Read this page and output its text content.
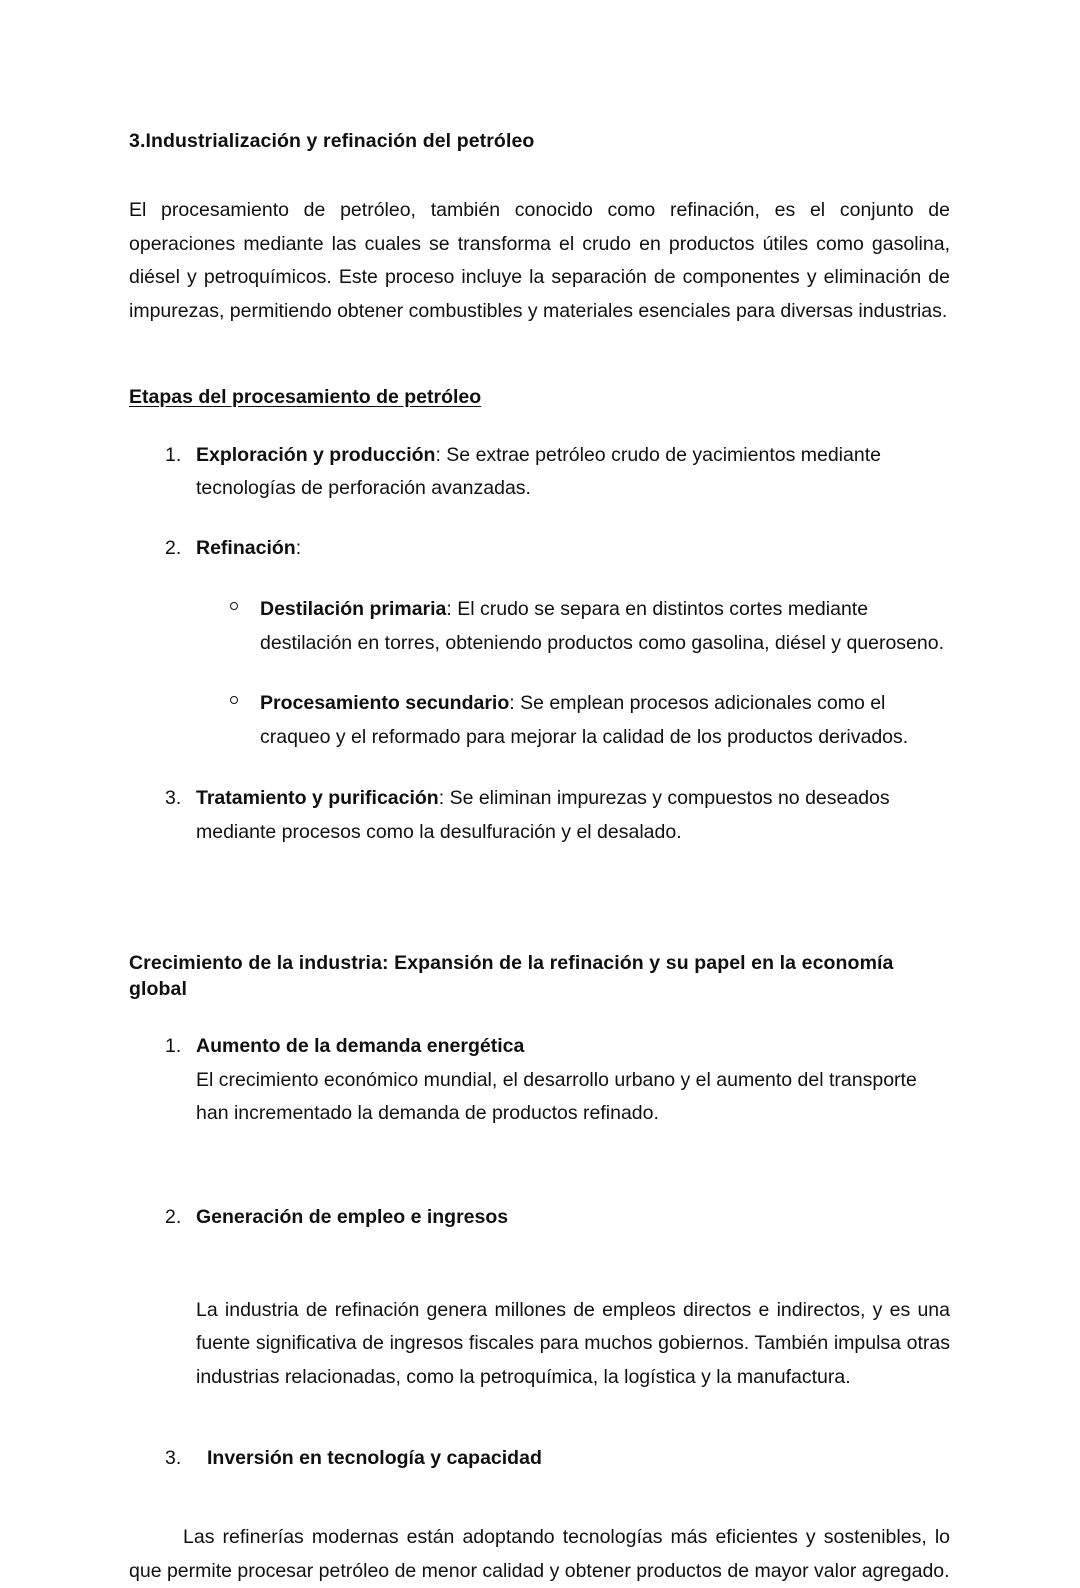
3.Industrialización y refinación del petróleo

El procesamiento de petróleo, también conocido como refinación, es el conjunto de operaciones mediante las cuales se transforma el crudo en productos útiles como gasolina, diésel y petroquímicos. Este proceso incluye la separación de componentes y eliminación de impurezas, permitiendo obtener combustibles y materiales esenciales para diversas industrias.

Etapas del procesamiento de petróleo
1. Exploración y producción: Se extrae petróleo crudo de yacimientos mediante tecnologías de perforación avanzadas.
2. Refinación:
Destilación primaria: El crudo se separa en distintos cortes mediante destilación en torres, obteniendo productos como gasolina, diésel y queroseno.
Procesamiento secundario: Se emplean procesos adicionales como el craqueo y el reformado para mejorar la calidad de los productos derivados.
3. Tratamiento y purificación: Se eliminan impurezas y compuestos no deseados mediante procesos como la desulfuración y el desalado.
Crecimiento de la industria: Expansión de la refinación y su papel en la economía global
1. Aumento de la demanda energética
El crecimiento económico mundial, el desarrollo urbano y el aumento del transporte han incrementado la demanda de productos refinado.
2. Generación de empleo e ingresos

La industria de refinación genera millones de empleos directos e indirectos, y es una fuente significativa de ingresos fiscales para muchos gobiernos. También impulsa otras industrias relacionadas, como la petroquímica, la logística y la manufactura.

3. Inversión en tecnología y capacidad

Las refinerías modernas están adoptando tecnologías más eficientes y sostenibles, lo que permite procesar petróleo de menor calidad y obtener productos de mayor valor agregado.
